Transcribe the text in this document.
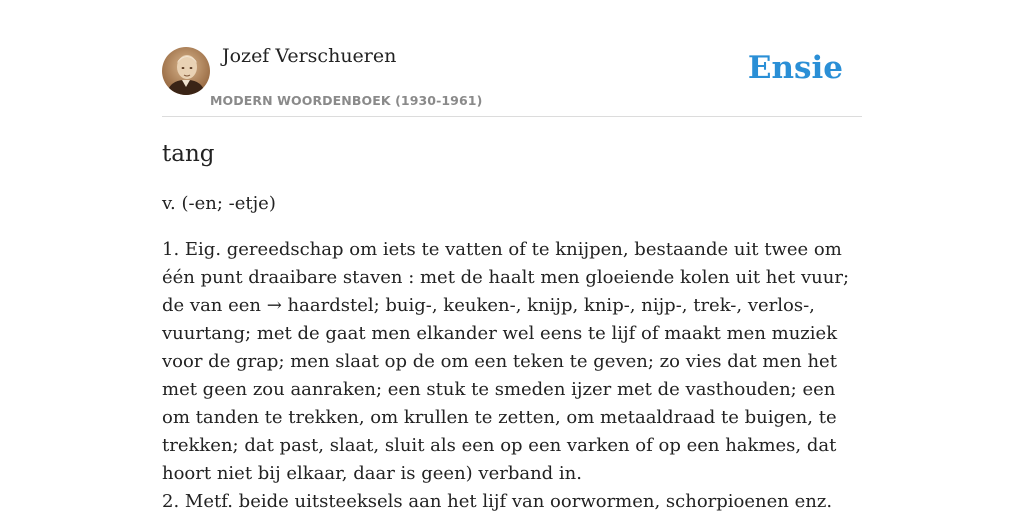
Jozef Verschueren
MODERN WOORDENBOEK (1930-1961)
Ensie
tang

v. (-en; -etje)

1. Eig. gereedschap om iets te vatten of te knijpen, bestaande uit twee om één punt draaibare staven : met de haalt men gloeiende kolen uit het vuur; de van een → haardstel; buig-, keuken-, knijp, knip-, nijp-, trek-, verlos-, vuurtang; met de gaat men elkander wel eens te lijf of maakt men muziek voor de grap; men slaat op de om een teken te geven; zo vies dat men het met geen zou aanraken; een stuk te smeden ijzer met de vasthouden; een om tanden te trekken, om krullen te zetten, om metaaldraad te buigen, te trekken; dat past, slaat, sluit als een op een varken of op een hakmes, dat hoort niet bij elkaar, daar is geen) verband in.

2. Metf. beide uitsteeksels aan het lijf van oorwormen, schorpioenen enz.
